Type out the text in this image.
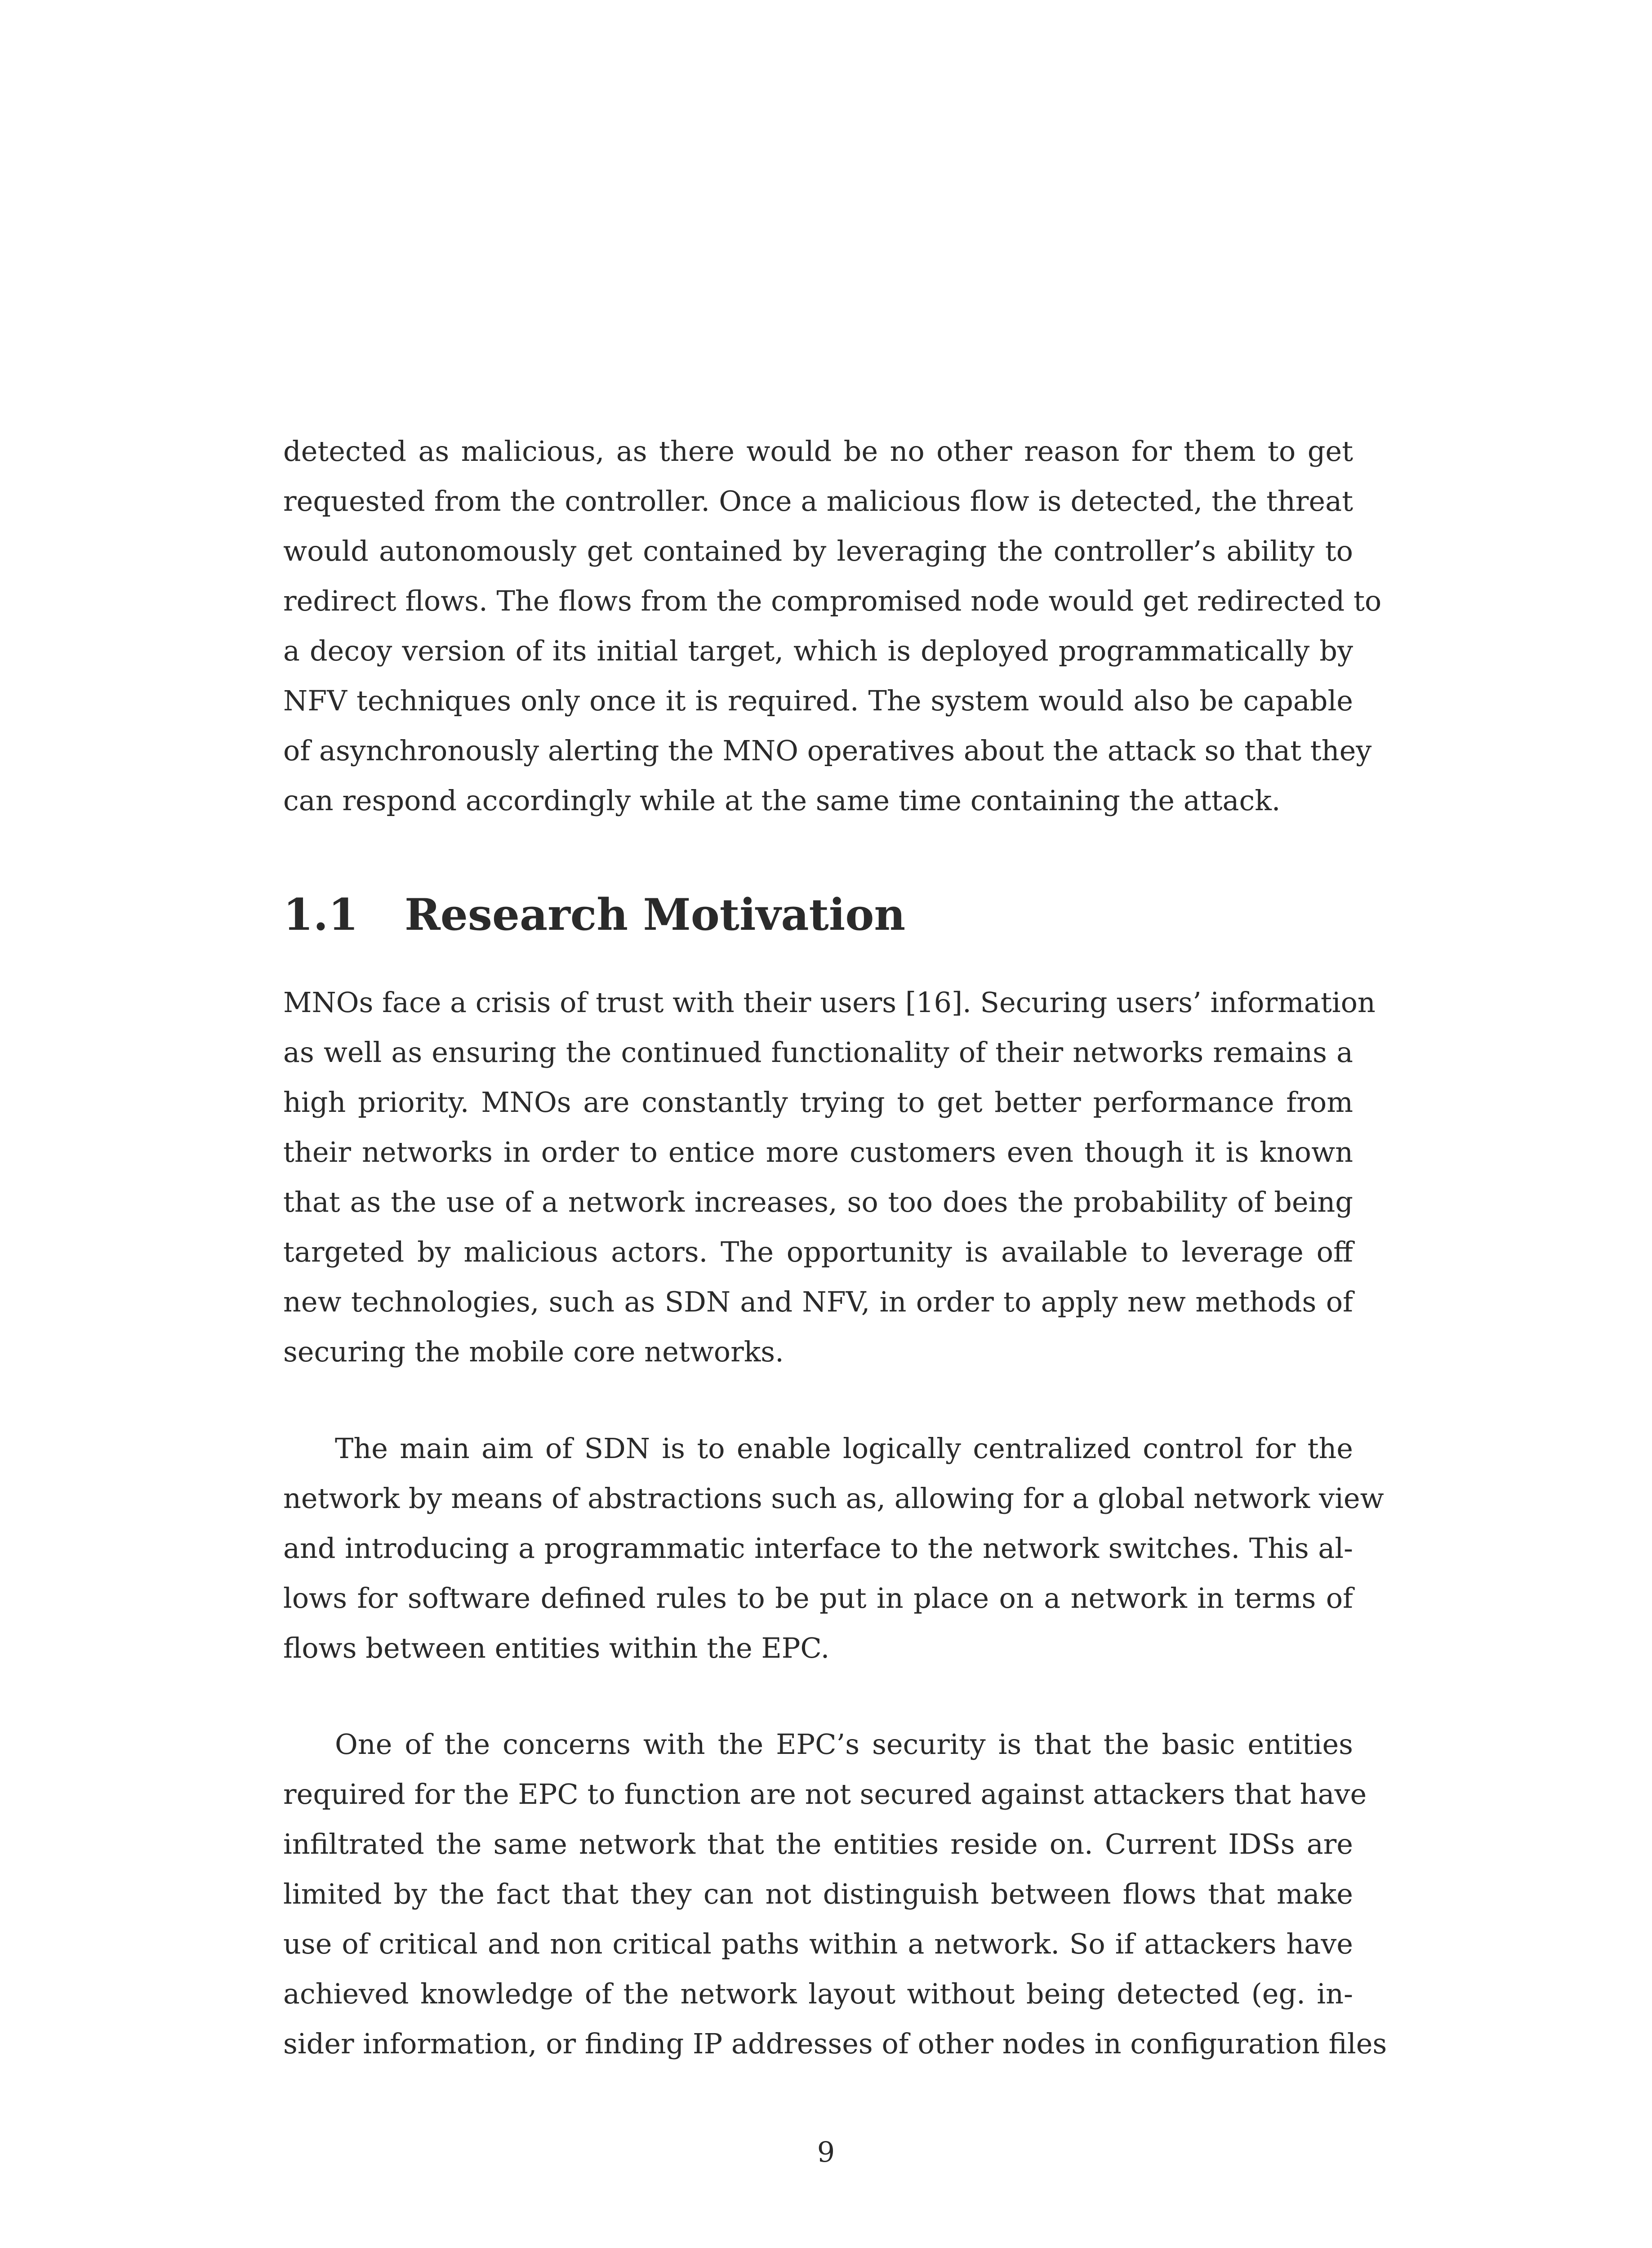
detected as malicious, as there would be no other reason for them to get
requested from the controller. Once a malicious flow is detected, the threat
would autonomously get contained by leveraging the controller’s ability to
redirect flows. The flows from the compromised node would get redirected to
a decoy version of its initial target, which is deployed programmatically by
NFV techniques only once it is required. The system would also be capable
of asynchronously alerting the MNO operatives about the attack so that they
can respond accordingly while at the same time containing the attack.
1.1 Research Motivation
MNOs face a crisis of trust with their users [16]. Securing users’ information
as well as ensuring the continued functionality of their networks remains a
high priority. MNOs are constantly trying to get better performance from
their networks in order to entice more customers even though it is known
that as the use of a network increases, so too does the probability of being
targeted by malicious actors. The opportunity is available to leverage off
new technologies, such as SDN and NFV, in order to apply new methods of
securing the mobile core networks.
The main aim of SDN is to enable logically centralized control for the
network by means of abstractions such as, allowing for a global network view
and introducing a programmatic interface to the network switches. This al-
lows for software defined rules to be put in place on a network in terms of
flows between entities within the EPC.
One of the concerns with the EPC’s security is that the basic entities
required for the EPC to function are not secured against attackers that have
infiltrated the same network that the entities reside on. Current IDSs are
limited by the fact that they can not distinguish between flows that make
use of critical and non critical paths within a network. So if attackers have
achieved knowledge of the network layout without being detected (eg. in-
sider information, or finding IP addresses of other nodes in configuration files
9
